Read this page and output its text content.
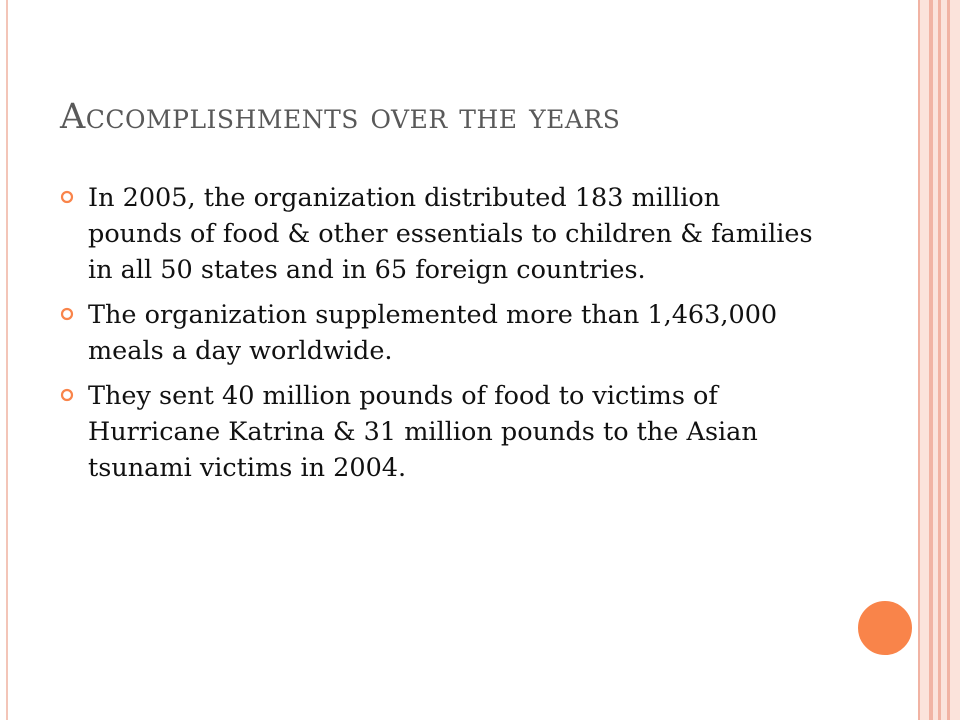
Accomplishments over the years
In 2005, the organization distributed 183 million pounds of food & other essentials to children & families in all 50 states and in 65 foreign countries.
The organization supplemented more than 1,463,000 meals a day worldwide.
They sent 40 million pounds of food to victims of Hurricane Katrina & 31 million pounds to the Asian tsunami victims in 2004.
